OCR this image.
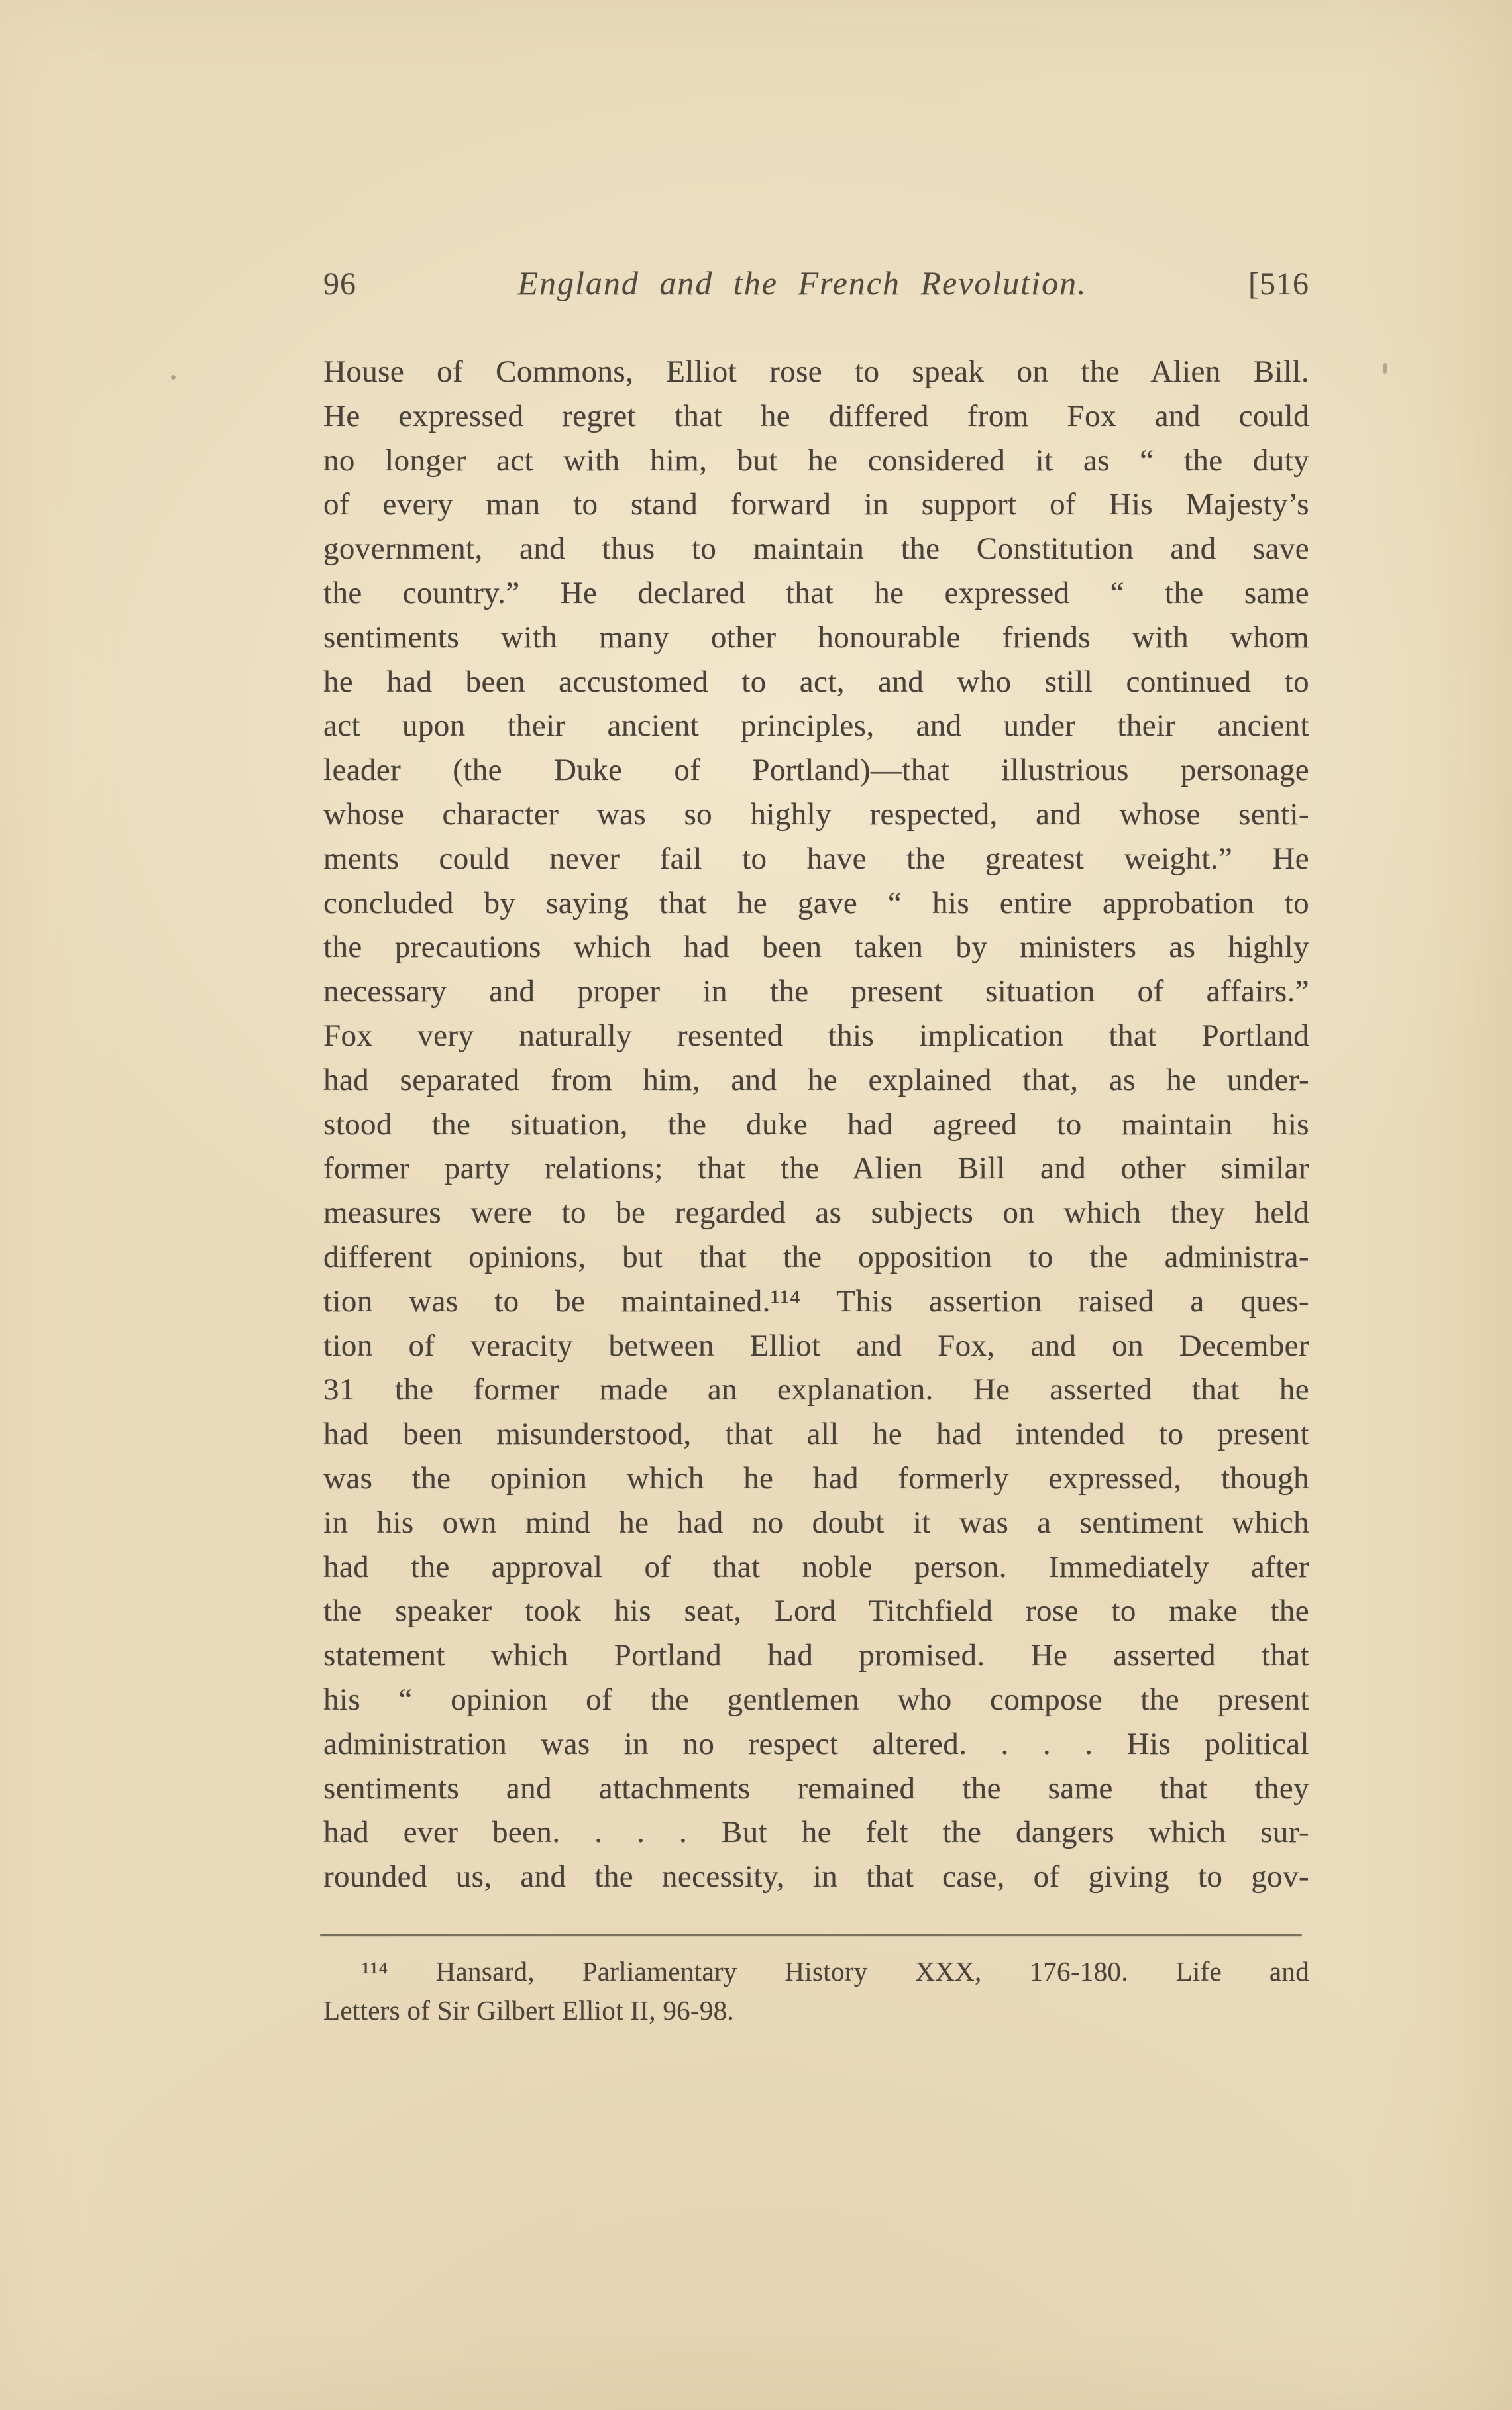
96	England and the French Revolution.	[516
House of Commons, Elliot rose to speak on the Alien Bill.
He expressed regret that he differed from Fox and could
no longer act with him, but he considered it as “ the duty
of every man to stand forward in support of His Majesty’s
government, and thus to maintain the Constitution and save
the country.” He declared that he expressed “ the same
sentiments with many other honourable friends with whom
he had been accustomed to act, and who still continued to
act upon their ancient principles, and under their ancient
leader (the Duke of Portland)—that illustrious personage
whose character was so highly respected, and whose senti-
ments could never fail to have the greatest weight.” He
concluded by saying that he gave “ his entire approbation to
the precautions which had been taken by ministers as highly
necessary and proper in the present situation of affairs.”
Fox very naturally resented this implication that Portland
had separated from him, and he explained that, as he under-
stood the situation, the duke had agreed to maintain his
former party relations; that the Alien Bill and other similar
measures were to be regarded as subjects on which they held
different opinions, but that the opposition to the administra-
tion was to be maintained.¹¹⁴ This assertion raised a ques-
tion of veracity between Elliot and Fox, and on December
31 the former made an explanation. He asserted that he
had been misunderstood, that all he had intended to present
was the opinion which he had formerly expressed, though
in his own mind he had no doubt it was a sentiment which
had the approval of that noble person. Immediately after
the speaker took his seat, Lord Titchfield rose to make the
statement which Portland had promised. He asserted that
his “ opinion of the gentlemen who compose the present
administration was in no respect altered. . . . His political
sentiments and attachments remained the same that they
had ever been. . . . But he felt the dangers which sur-
rounded us, and the necessity, in that case, of giving to gov-
¹¹⁴ Hansard, Parliamentary History XXX, 176-180. Life and
Letters of Sir Gilbert Elliot II, 96-98.
